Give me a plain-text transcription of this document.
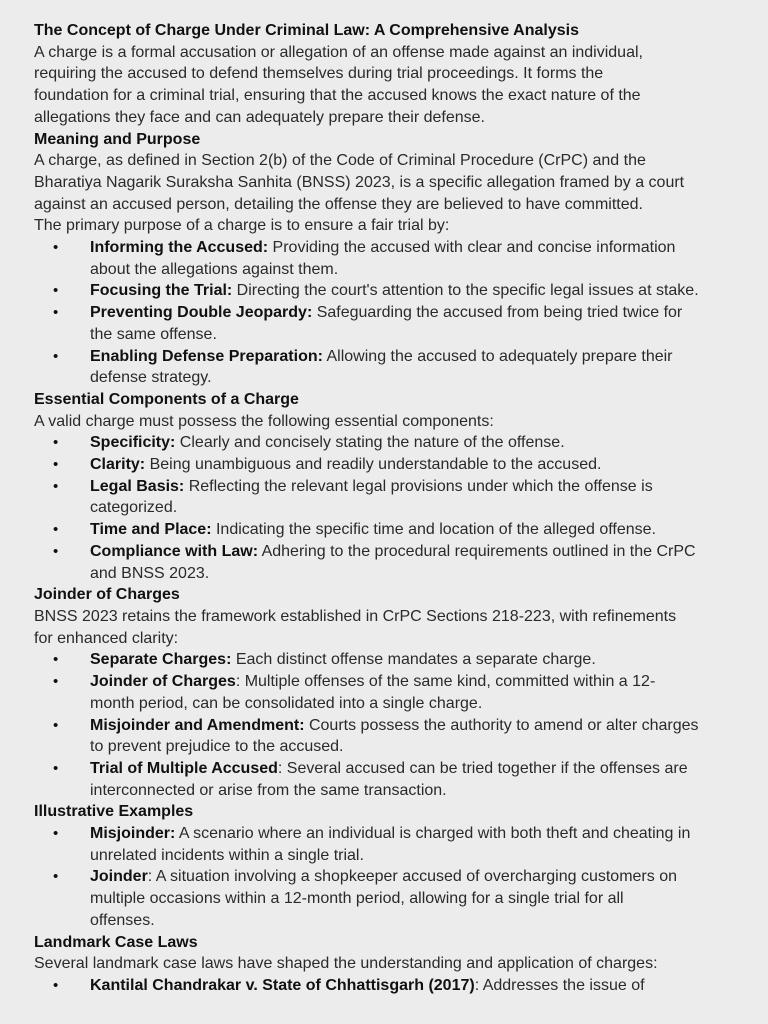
The Concept of Charge Under Criminal Law: A Comprehensive Analysis
A charge is a formal accusation or allegation of an offense made against an individual,
requiring the accused to defend themselves during trial proceedings. It forms the
foundation for a criminal trial, ensuring that the accused knows the exact nature of the
allegations they face and can adequately prepare their defense.
Meaning and Purpose
A charge, as defined in Section 2(b) of the Code of Criminal Procedure (CrPC) and the
Bharatiya Nagarik Suraksha Sanhita (BNSS) 2023, is a specific allegation framed by a court
against an accused person, detailing the offense they are believed to have committed.
The primary purpose of a charge is to ensure a fair trial by:
• Informing the Accused: Providing the accused with clear and concise information
about the allegations against them.
• Focusing the Trial: Directing the court's attention to the specific legal issues at stake.
• Preventing Double Jeopardy: Safeguarding the accused from being tried twice for
the same offense.
• Enabling Defense Preparation: Allowing the accused to adequately prepare their
defense strategy.
Essential Components of a Charge
A valid charge must possess the following essential components:
• Specificity: Clearly and concisely stating the nature of the offense.
• Clarity: Being unambiguous and readily understandable to the accused.
• Legal Basis: Reflecting the relevant legal provisions under which the offense is
categorized.
• Time and Place: Indicating the specific time and location of the alleged offense.
• Compliance with Law: Adhering to the procedural requirements outlined in the CrPC
and BNSS 2023.
Joinder of Charges
BNSS 2023 retains the framework established in CrPC Sections 218-223, with refinements
for enhanced clarity:
• Separate Charges: Each distinct offense mandates a separate charge.
• Joinder of Charges: Multiple offenses of the same kind, committed within a 12-
month period, can be consolidated into a single charge.
• Misjoinder and Amendment: Courts possess the authority to amend or alter charges
to prevent prejudice to the accused.
• Trial of Multiple Accused: Several accused can be tried together if the offenses are
interconnected or arise from the same transaction.
Illustrative Examples
• Misjoinder: A scenario where an individual is charged with both theft and cheating in
unrelated incidents within a single trial.
• Joinder: A situation involving a shopkeeper accused of overcharging customers on
multiple occasions within a 12-month period, allowing for a single trial for all
offenses.
Landmark Case Laws
Several landmark case laws have shaped the understanding and application of charges:
• Kantilal Chandrakar v. State of Chhattisgarh (2017): Addresses the issue of
